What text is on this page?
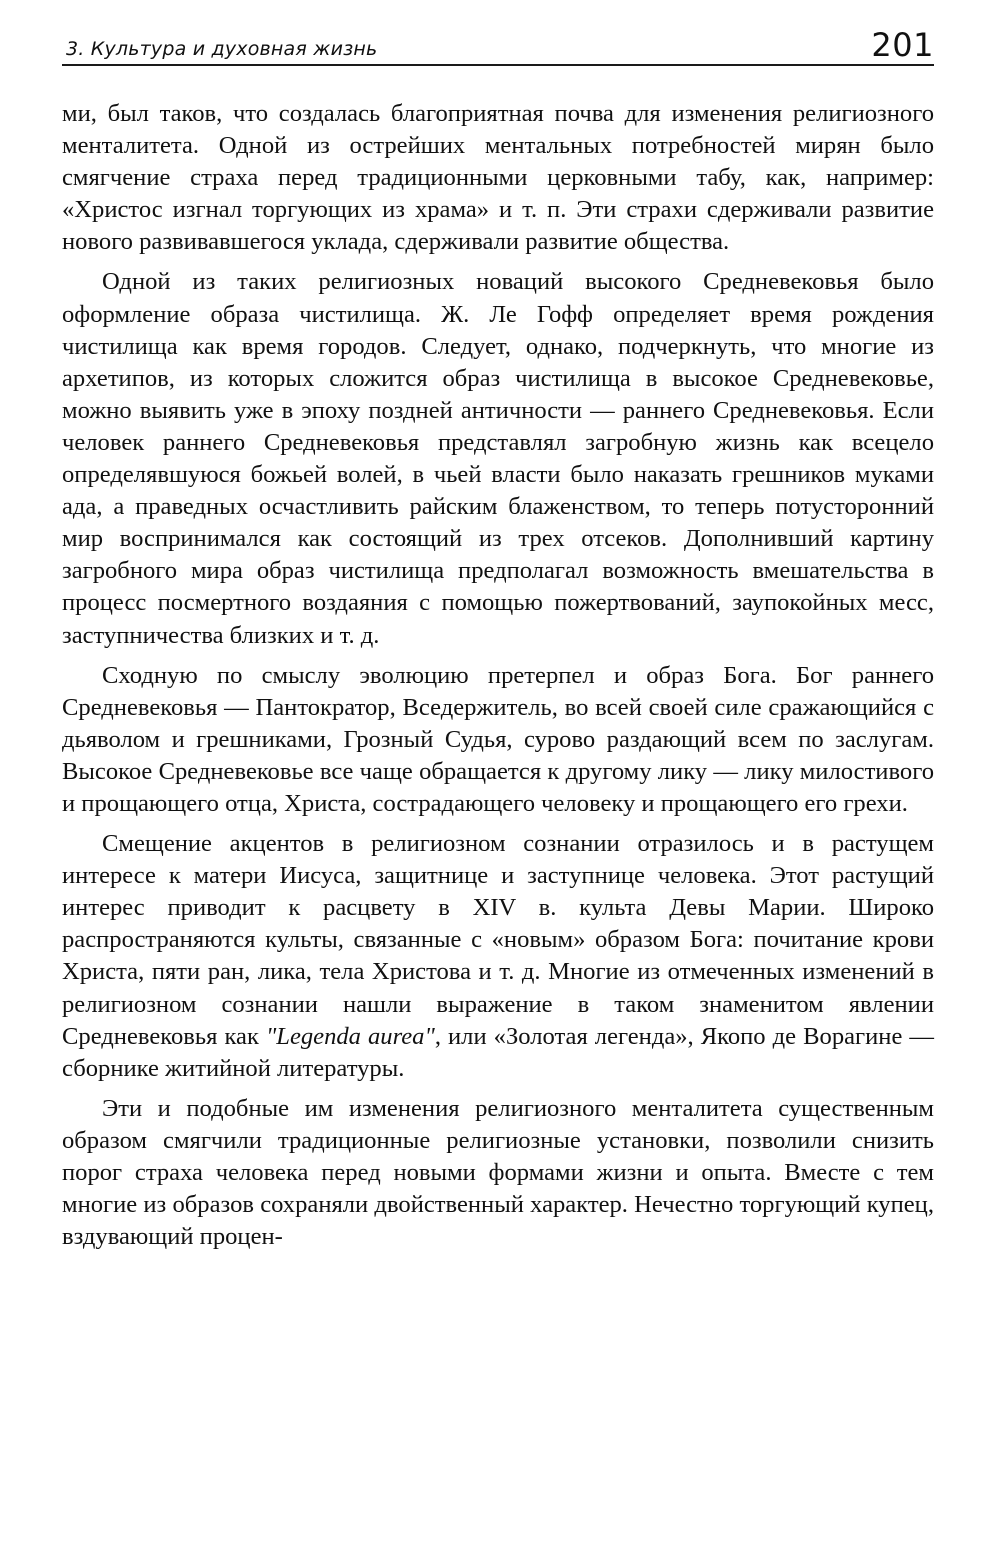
3. Культура и духовная жизнь	201

ми, был таков, что создалась благоприятная почва для изменения религиозного менталитета. Одной из острейших ментальных потребностей мирян было смягчение страха перед традиционными церковными табу, как, например: «Христос изгнал торгующих из храма» и т. п. Эти страхи сдерживали развитие нового развивавшегося уклада, сдерживали развитие общества.

Одной из таких религиозных новаций высокого Средневековья было оформление образа чистилища. Ж. Ле Гофф определяет время рождения чистилища как время городов. Следует, однако, подчеркнуть, что многие из архетипов, из которых сложится образ чистилища в высокое Средневековье, можно выявить уже в эпоху поздней античности — раннего Средневековья. Если человек раннего Средневековья представлял загробную жизнь как всецело определявшуюся божьей волей, в чьей власти было наказать грешников муками ада, а праведных осчастливить райским блаженством, то теперь потусторонний мир воспринимался как состоящий из трех отсеков. Дополнивший картину загробного мира образ чистилища предполагал возможность вмешательства в процесс посмертного воздаяния с помощью пожертвований, заупокойных месс, заступничества близких и т. д.

Сходную по смыслу эволюцию претерпел и образ Бога. Бог раннего Средневековья — Пантократор, Вседержитель, во всей своей силе сражающийся с дьяволом и грешниками, Грозный Судья, сурово раздающий всем по заслугам. Высокое Средневековье все чаще обращается к другому лику — лику милостивого и прощающего отца, Христа, сострадающего человеку и прощающего его грехи.

Смещение акцентов в религиозном сознании отразилось и в растущем интересе к матери Иисуса, защитнице и заступнице человека. Этот растущий интерес приводит к расцвету в XIV в. культа Девы Марии. Широко распространяются культы, связанные с «новым» образом Бога: почитание крови Христа, пяти ран, лика, тела Христова и т. д. Многие из отмеченных изменений в религиозном сознании нашли выражение в таком знаменитом явлении Средневековья как "Legenda aurea", или «Золотая легенда», Якопо де Ворагине — сборнике житийной литературы.

Эти и подобные им изменения религиозного менталитета существенным образом смягчили традиционные религиозные установки, позволили снизить порог страха человека перед новыми формами жизни и опыта. Вместе с тем многие из образов сохраняли двойственный характер. Нечестно торгующий купец, вздувающий процен-
